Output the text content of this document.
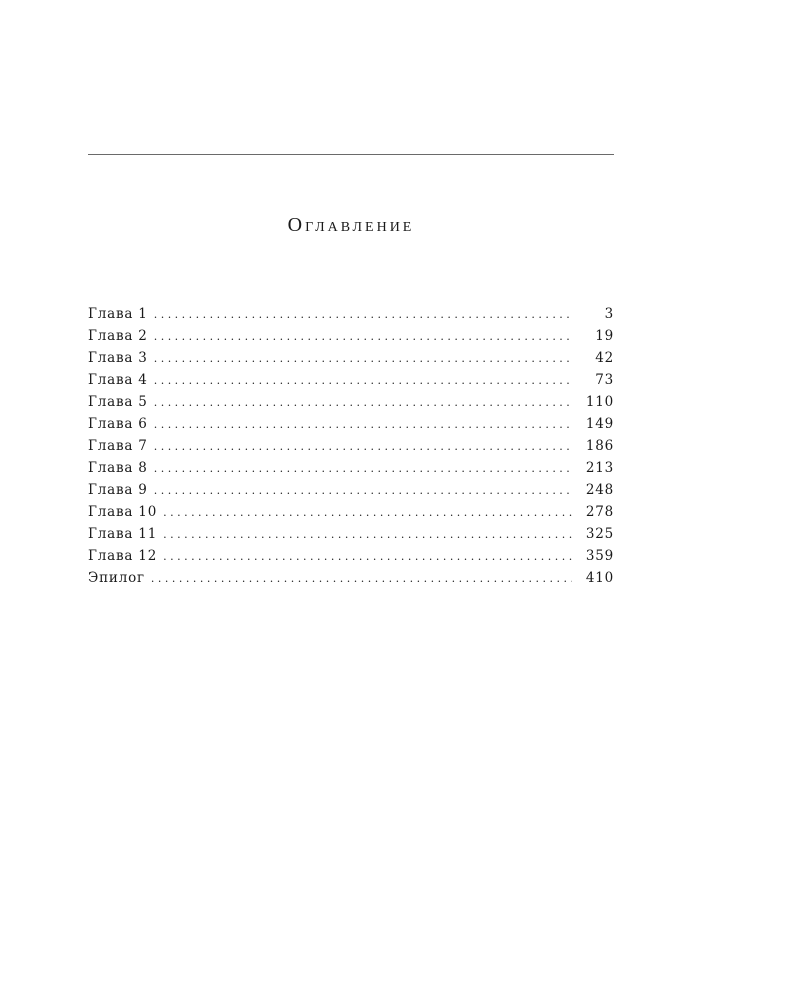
Оглавление
Глава 1 . . .	3
Глава 2 . . .	19
Глава 3 . . .	42
Глава 4 . . .	73
Глава 5 . . .	110
Глава 6 . . .	149
Глава 7 . . .	186
Глава 8 . . .	213
Глава 9 . . .	248
Глава 10 . . .	278
Глава 11 . . .	325
Глава 12 . . .	359
Эпилог . . .	410
